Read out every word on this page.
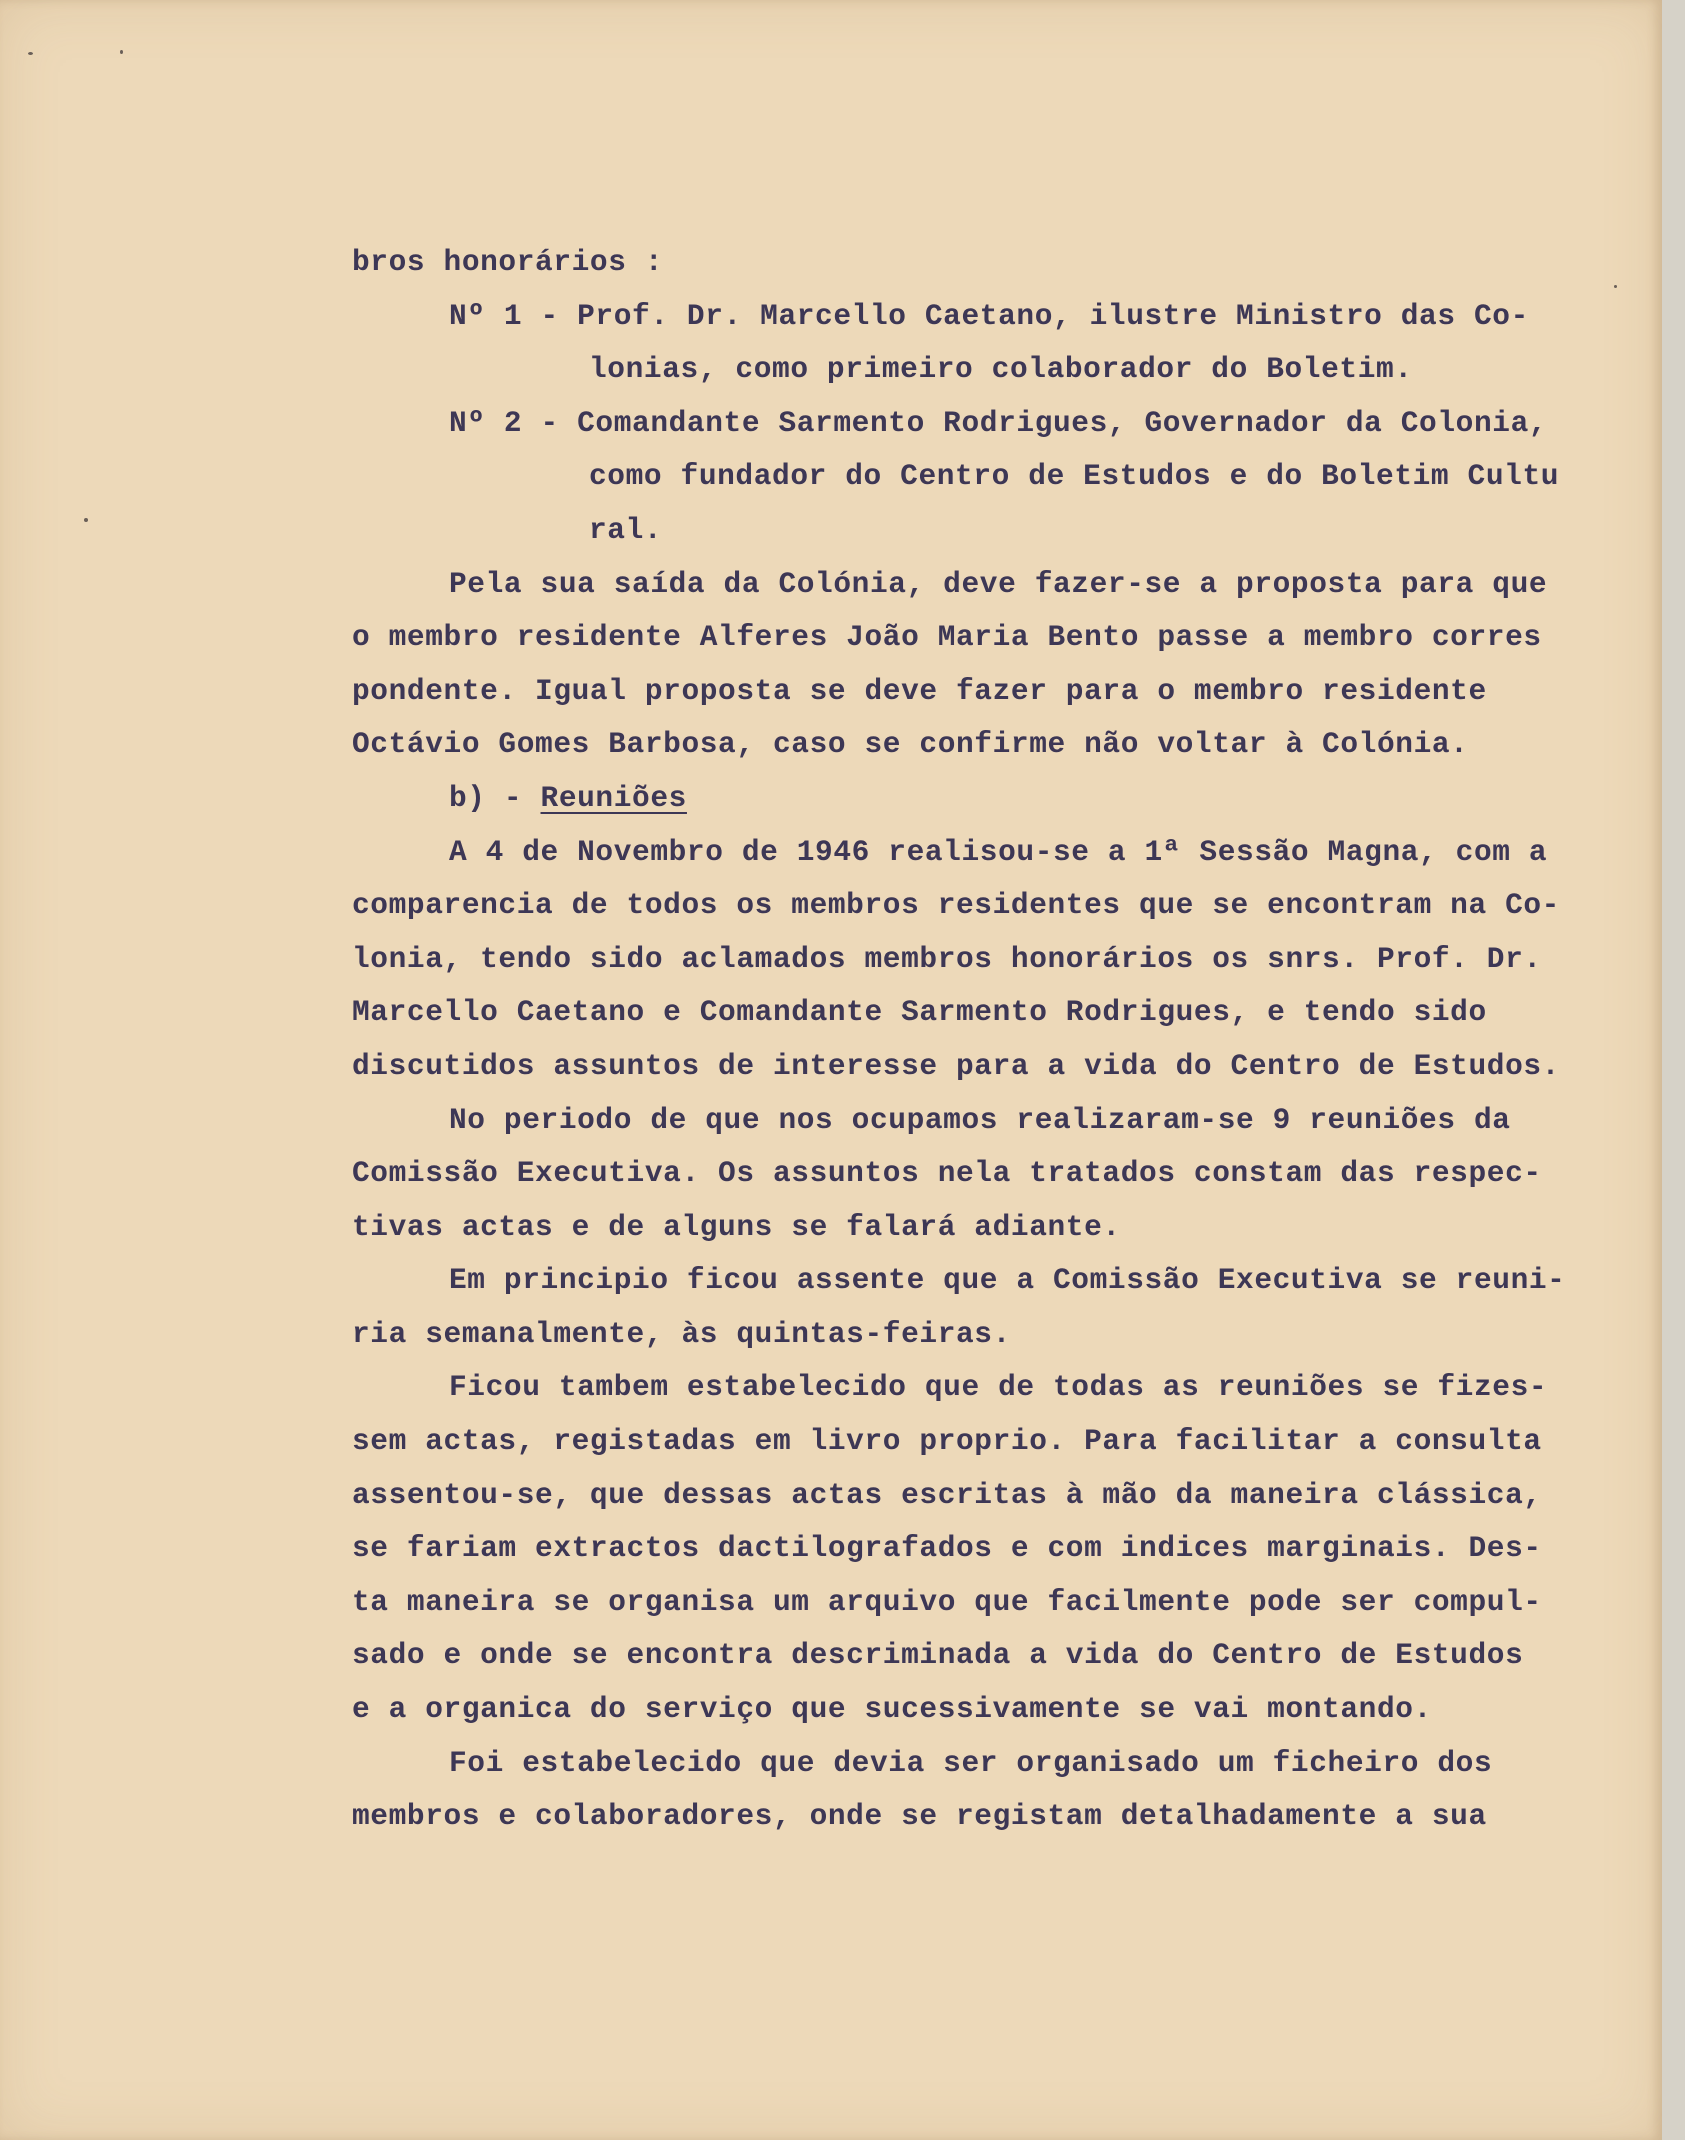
bros honorários :
Nº 1 - Prof. Dr. Marcello Caetano, ilustre Ministro das Co-
lonias, como primeiro colaborador do Boletim.
Nº 2 - Comandante Sarmento Rodrigues, Governador da Colonia,
como fundador do Centro de Estudos e do Boletim Cultu
ral.
Pela sua saída da Colónia, deve fazer-se a proposta para que
o membro residente Alferes João Maria Bento passe a membro corres
pondente. Igual proposta se deve fazer para o membro residente
Octávio Gomes Barbosa, caso se confirme não voltar à Colónia.
b) - Reuniões
A 4 de Novembro de 1946 realisou-se a 1ª Sessão Magna, com a
comparencia de todos os membros residentes que se encontram na Co-
lonia, tendo sido aclamados membros honorários os snrs. Prof. Dr.
Marcello Caetano e Comandante Sarmento Rodrigues, e tendo sido
discutidos assuntos de interesse para a vida do Centro de Estudos.
No periodo de que nos ocupamos realizaram-se 9 reuniões da
Comissão Executiva. Os assuntos nela tratados constam das respec-
tivas actas e de alguns se falará adiante.
Em principio ficou assente que a Comissão Executiva se reuni-
ria semanalmente, às quintas-feiras.
Ficou tambem estabelecido que de todas as reuniões se fizes-
sem actas, registadas em livro proprio. Para facilitar a consulta
assentou-se, que dessas actas escritas à mão da maneira clássica,
se fariam extractos dactilografados e com indices marginais. Des-
ta maneira se organisa um arquivo que facilmente pode ser compul-
sado e onde se encontra descriminada a vida do Centro de Estudos
e a organica do serviço que sucessivamente se vai montando.
Foi estabelecido que devia ser organisado um ficheiro dos
membros e colaboradores, onde se registam detalhadamente a sua
